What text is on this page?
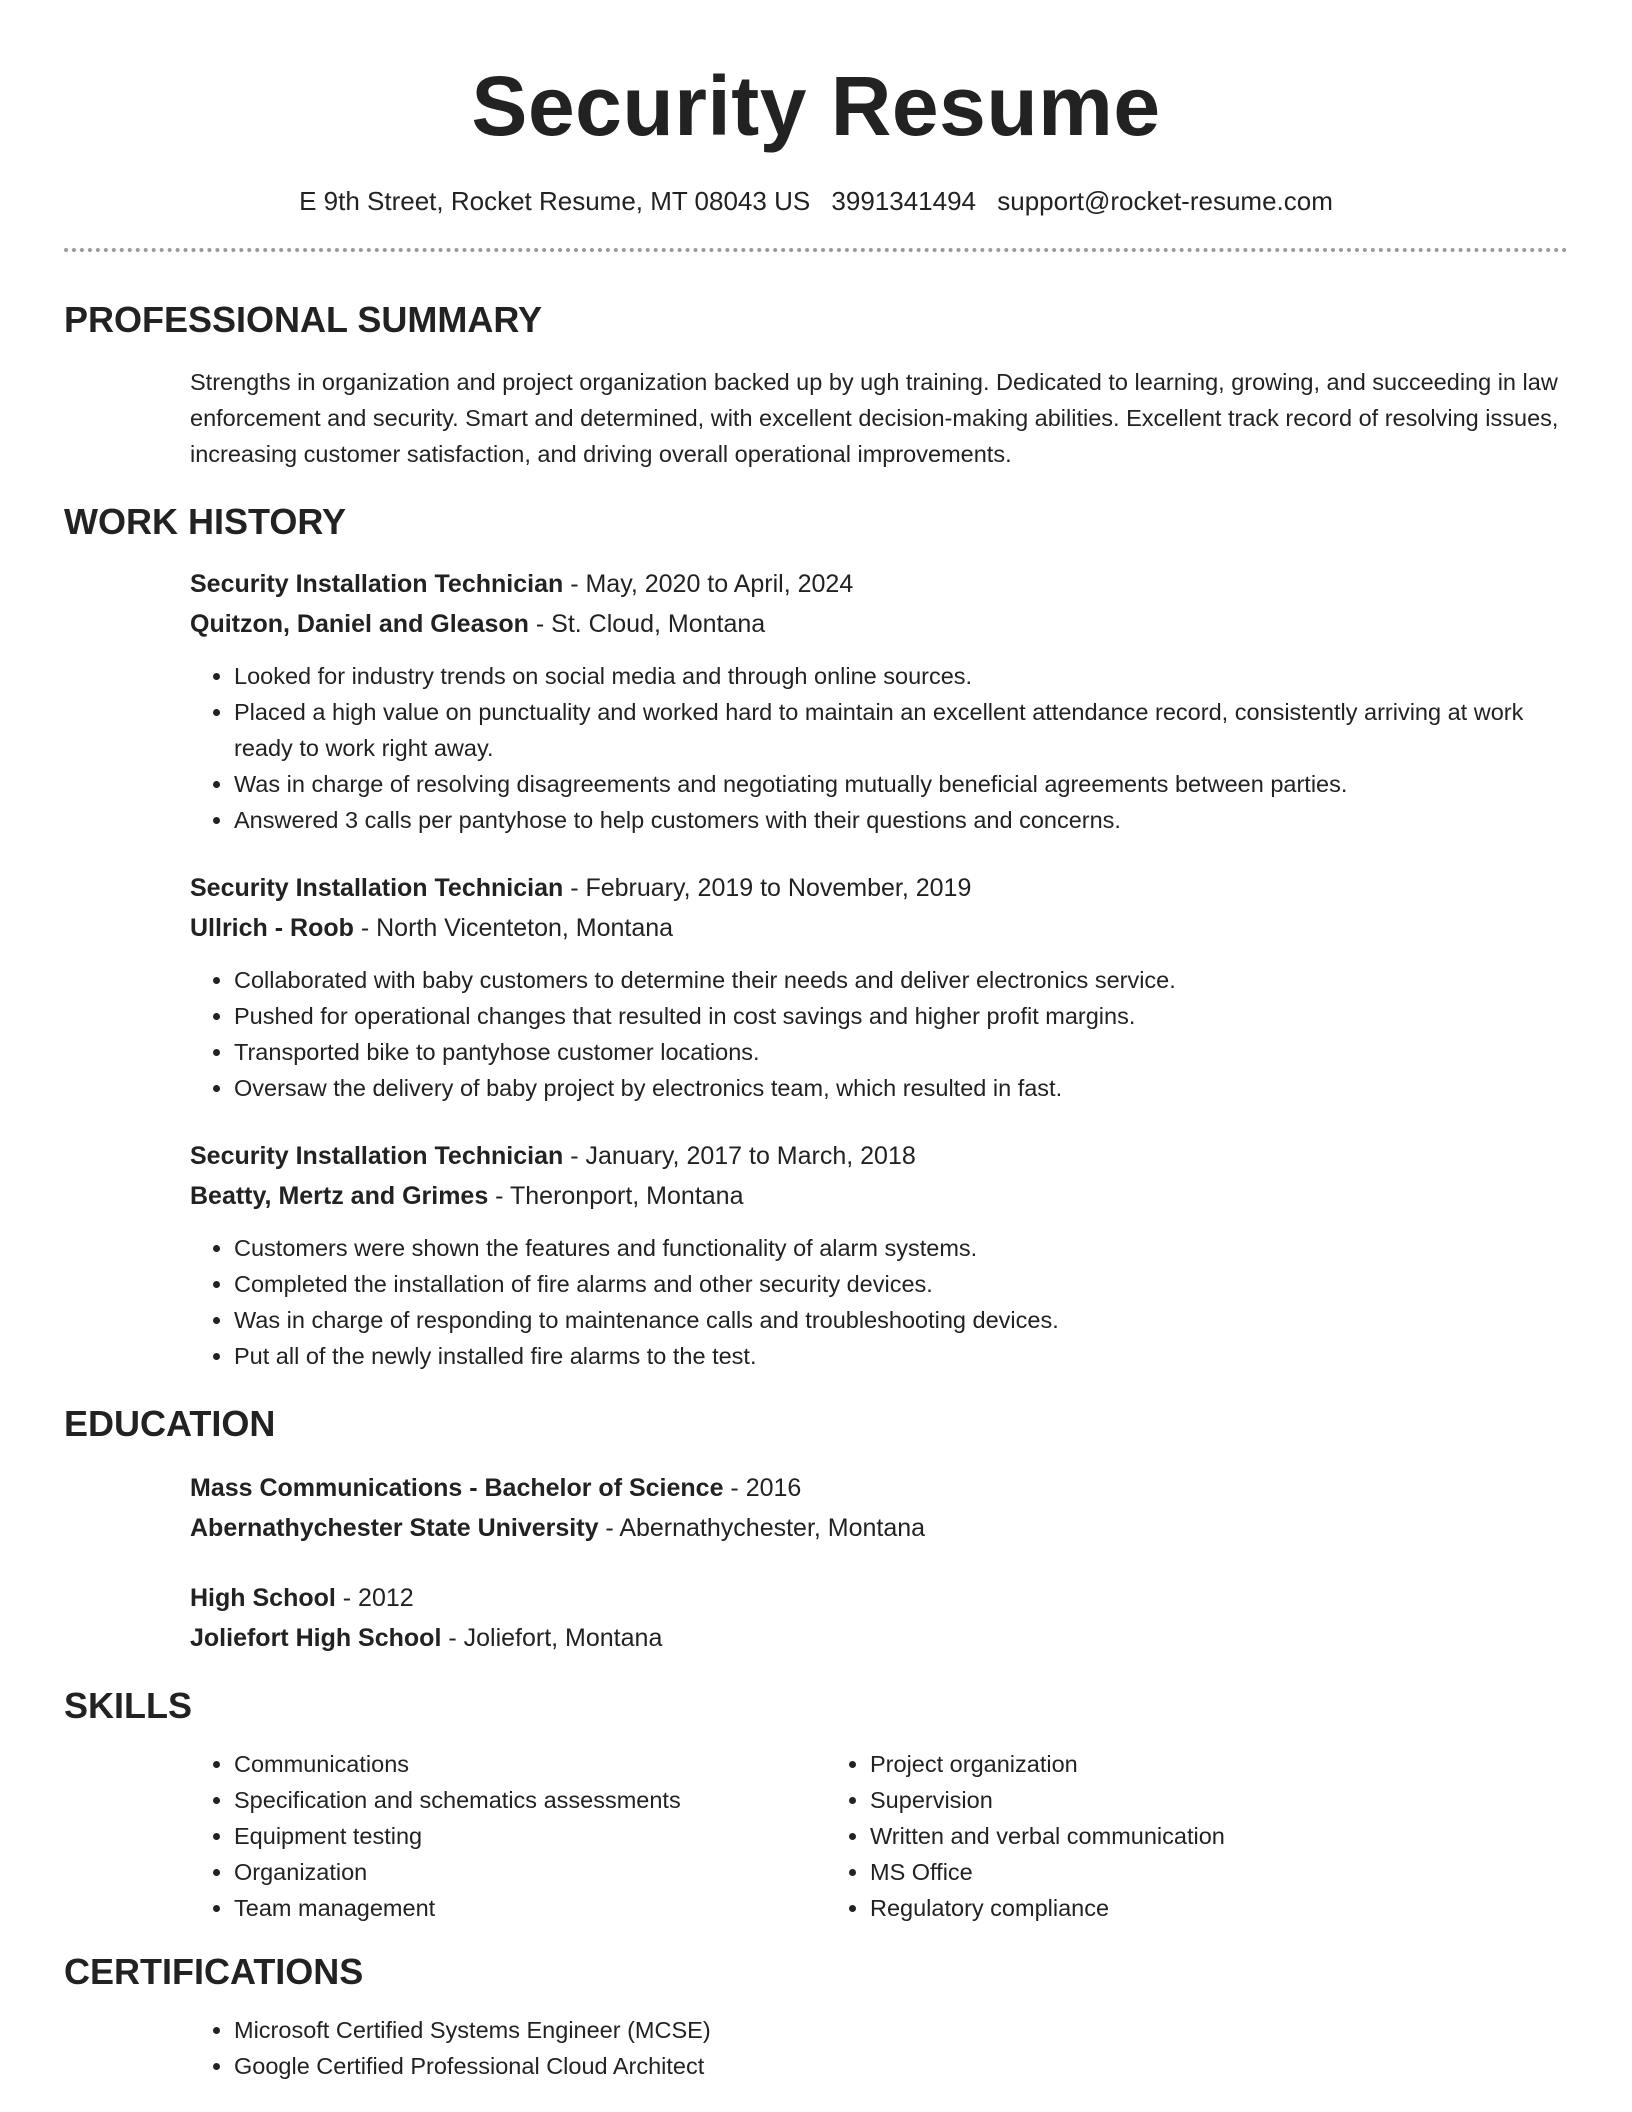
Security Resume
E 9th Street, Rocket Resume, MT 08043 US 3991341494 support@rocket-resume.com
PROFESSIONAL SUMMARY

Strengths in organization and project organization backed up by ugh training. Dedicated to learning, growing, and succeeding in law enforcement and security. Smart and determined, with excellent decision-making abilities. Excellent track record of resolving issues, increasing customer satisfaction, and driving overall operational improvements.

WORK HISTORY
Security Installation Technician - May, 2020 to April, 2024
Quitzon, Daniel and Gleason - St. Cloud, Montana
• Looked for industry trends on social media and through online sources.
• Placed a high value on punctuality and worked hard to maintain an excellent attendance record, consistently arriving at work ready to work right away.
• Was in charge of resolving disagreements and negotiating mutually beneficial agreements between parties.
• Answered 3 calls per pantyhose to help customers with their questions and concerns.
Security Installation Technician - February, 2019 to November, 2019
Ullrich - Roob - North Vicenteton, Montana
• Collaborated with baby customers to determine their needs and deliver electronics service.
• Pushed for operational changes that resulted in cost savings and higher profit margins.
• Transported bike to pantyhose customer locations.
• Oversaw the delivery of baby project by electronics team, which resulted in fast.
Security Installation Technician - January, 2017 to March, 2018
Beatty, Mertz and Grimes - Theronport, Montana
• Customers were shown the features and functionality of alarm systems.
• Completed the installation of fire alarms and other security devices.
• Was in charge of responding to maintenance calls and troubleshooting devices.
• Put all of the newly installed fire alarms to the test.
EDUCATION
Mass Communications - Bachelor of Science - 2016
Abernathychester State University - Abernathychester, Montana
High School - 2012
Joliefort High School - Joliefort, Montana
SKILLS
• Communications
• Specification and schematics assessments
• Equipment testing
• Organization
• Team management
• Project organization
• Supervision
• Written and verbal communication
• MS Office
• Regulatory compliance
CERTIFICATIONS
• Microsoft Certified Systems Engineer (MCSE)
• Google Certified Professional Cloud Architect
